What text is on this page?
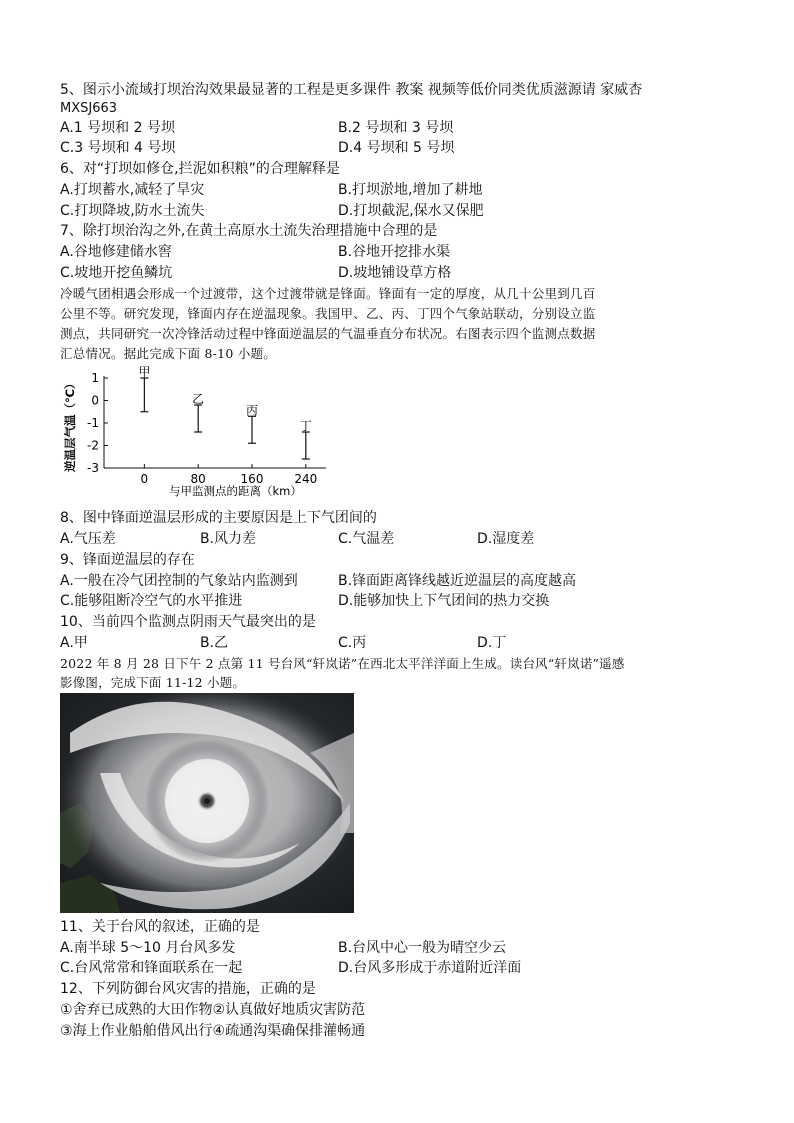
5、图示小流域打坝治沟效果最显著的工程是更多课件 教案 视频等低价同类优质滋源请 家威杏
MXSJ663
A.1 号坝和 2 号坝	B.2 号坝和 3 号坝
C.3 号坝和 4 号坝	D.4 号坝和 5 号坝
6、对“打坝如修仓,拦泥如积粮”的合理解释是
A.打坝蓄水,减轻了旱灾	B.打坝淤地,增加了耕地
C.打坝降坡,防水土流失	D.打坝截泥,保水又保肥
7、除打坝治沟之外,在黄土高原水土流失治理措施中合理的是
A.谷地修建储水窖	B.谷地开挖排水渠
C.坡地开挖鱼鳞坑	D.坡地铺设草方格
冷暖气团相遇会形成一个过渡带，这个过渡带就是锋面。锋面有一定的厚度，从几十公里到几百
公里不等。研究发现，锋面内存在逆温现象。我国甲、乙、丙、丁四个气象站联动，分别设立监
测点，共同研究一次冷锋活动过程中锋面逆温层的气温垂直分布状况。右图表示四个监测点数据
汇总情况。据此完成下面 8-10 小题。
1
0
-1
-2
-3
0	80	160	240
与甲监测点的距离（km）
逆温层气温（℃）
甲
乙
丙
丁
8、图中锋面逆温层形成的主要原因是上下气团间的
A.气压差	B.风力差	C.气温差	D.湿度差
9、锋面逆温层的存在
A.一般在冷气团控制的气象站内监测到	B.锋面距离锋线越近逆温层的高度越高
C.能够阻断冷空气的水平推进	D.能够加快上下气团间的热力交换
10、当前四个监测点阴雨天气最突出的是
A.甲	B.乙	C.丙	D.丁
2022 年 8 月 28 日下午 2 点第 11 号台风“轩岚诺”在西北太平洋洋面上生成。读台风“轩岚诺”遥感
影像图，完成下面 11-12 小题。
11、关于台风的叙述，正确的是
A.南半球 5～10 月台风多发	B.台风中心一般为晴空少云
C.台风常常和锋面联系在一起	D.台风多形成于赤道附近洋面
12、下列防御台风灾害的措施，正确的是
①舍弃已成熟的大田作物②认真做好地质灾害防范
③海上作业船舶借风出行④疏通沟渠确保排灌畅通
